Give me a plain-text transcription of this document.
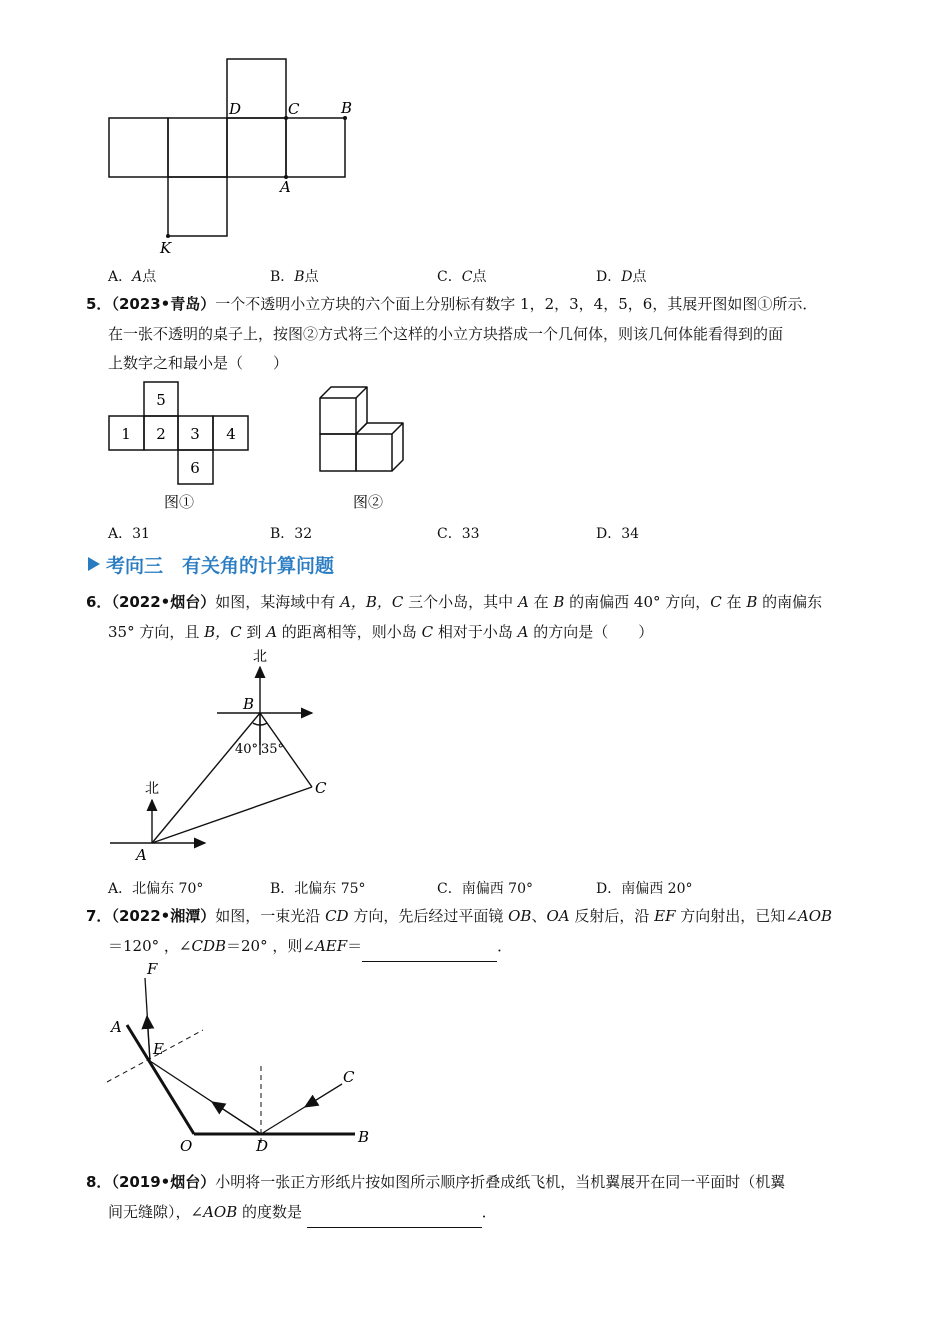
D	C	B
A
K
A．A点	B．B点	C．C点	D．D点
5．（2023•青岛）一个不透明小立方块的六个面上分别标有数字 1，2，3，4，5，6，其展开图如图①所示．
在一张不透明的桌子上，按图②方式将三个这样的小立方块搭成一个几何体，则该几何体能看得到的面
上数字之和最小是（　　）
5
1 2 3 4
6
图①	图②
A．31	B．32	C．33	D．34
考向三　有关角的计算问题
6．（2022•烟台）如图，某海域中有 A，B，C 三个小岛，其中 A 在 B 的南偏西 40° 方向，C 在 B 的南偏东
35° 方向，且 B，C 到 A 的距离相等，则小岛 C 相对于小岛 A 的方向是（　　）
北
北
B
A
C
40° 35°
A．北偏东 70°	B．北偏东 75°	C．南偏西 70°	D．南偏西 20°
7．（2022•湘潭）如图，一束光沿 CD 方向，先后经过平面镜 OB、OA 反射后，沿 EF 方向射出，已知∠AOB
＝120° ，∠CDB＝20° ，则∠AEF＝	．
F
A
E
C
O	D	B
8．（2019•烟台）小明将一张正方形纸片按如图所示顺序折叠成纸飞机，当机翼展开在同一平面时（机翼
间无缝隙），∠AOB 的度数是	．
